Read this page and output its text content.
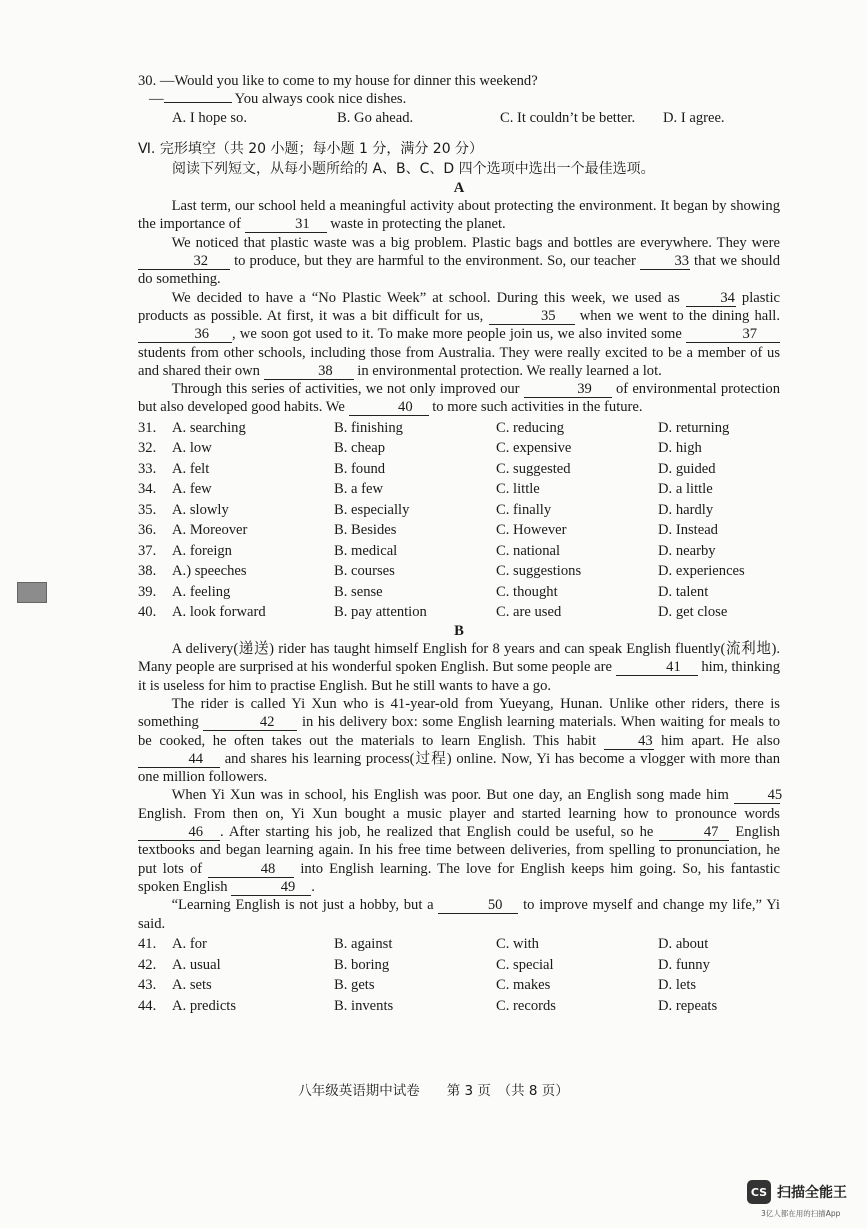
30. —Would you like to come to my house for dinner this weekend?

—	You always cook nice dishes.

A. I hope so.	B. Go ahead.	C. It couldn’t be better.	D. I agree.

Ⅵ. 完形填空（共 20 小题；每小题 1 分，满分 20 分）

阅读下列短文，从每小题所给的 A、B、C、D 四个选项中选出一个最佳选项。

A

Last term, our school held a meaningful activity about protecting the environment. It began by showing the importance of	31 waste in protecting the planet.

We noticed that plastic waste was a big problem. Plastic bags and bottles are everywhere. They were 32 to produce, but they are harmful to the environment. So, our teacher 33 that we should do something.

We decided to have a “No Plastic Week” at school. During this week, we used as 34 plastic products as possible. At first, it was a bit difficult for us,	35 when we went to the dining hall. 36 , we soon got used to it. To make more people join us, we also invited some	37 students from other schools, including those from Australia. They were really excited to be a member of us and shared their own	38 in environmental protection. We really learned a lot.

Through this series of activities, we not only improved our	39 of environmental protection but also developed good habits. We	40 to more such activities in the future.

31.	A. searching	B. finishing	C. reducing	D. returning
32.	A. low	B. cheap	C. expensive	D. high
33.	A. felt	B. found	C. suggested	D. guided
34.	A. few	B. a few	C. little	D. a little
35.	A. slowly	B. especially	C. finally	D. hardly
36.	A. Moreover	B. Besides	C. However	D. Instead
37.	A. foreign	B. medical	C. national	D. nearby
38.	A.) speeches	B. courses	C. suggestions	D. experiences
39.	A. feeling	B. sense	C. thought	D. talent
40.	A. look forward	B. pay attention	C. are used	D. get close

B

A delivery(递送) rider has taught himself English for 8 years and can speak English fluently(流利地). Many people are surprised at his wonderful spoken English. But some people are	41 him, thinking it is useless for him to practise English. But he still wants to have a go.

The rider is called Yi Xun who is 41-year-old from Yueyang, Hunan. Unlike other riders, there is something	42 in his delivery box: some English learning materials. When waiting for meals to be cooked, he often takes out the materials to learn English. This habit 43 him apart. He also 44 and shares his learning process(过程) online. Now, Yi has become a vlogger with more than one million followers.

When Yi Xun was in school, his English was poor. But one day, an English song made him 45 English. From then on, Yi Xun bought a music player and started learning how to pronounce words 46 . After starting his job, he realized that English could be useful, so he	47 English textbooks and began learning again. In his free time between deliveries, from spelling to pronunciation, he put lots of	48 into English learning. The love for English keeps him going. So, his fantastic spoken English	49 .

“Learning English is not just a hobby, but a	50 to improve myself and change my life,” Yi said.

41.	A. for	B. against	C. with	D. about
42.	A. usual	B. boring	C. special	D. funny
43.	A. sets	B. gets	C. makes	D. lets
44.	A. predicts	B. invents	C. records	D. repeats
八年级英语期中试卷　　第 3 页　（共 8 页）
CS 扫描全能王
3亿人都在用的扫描App
